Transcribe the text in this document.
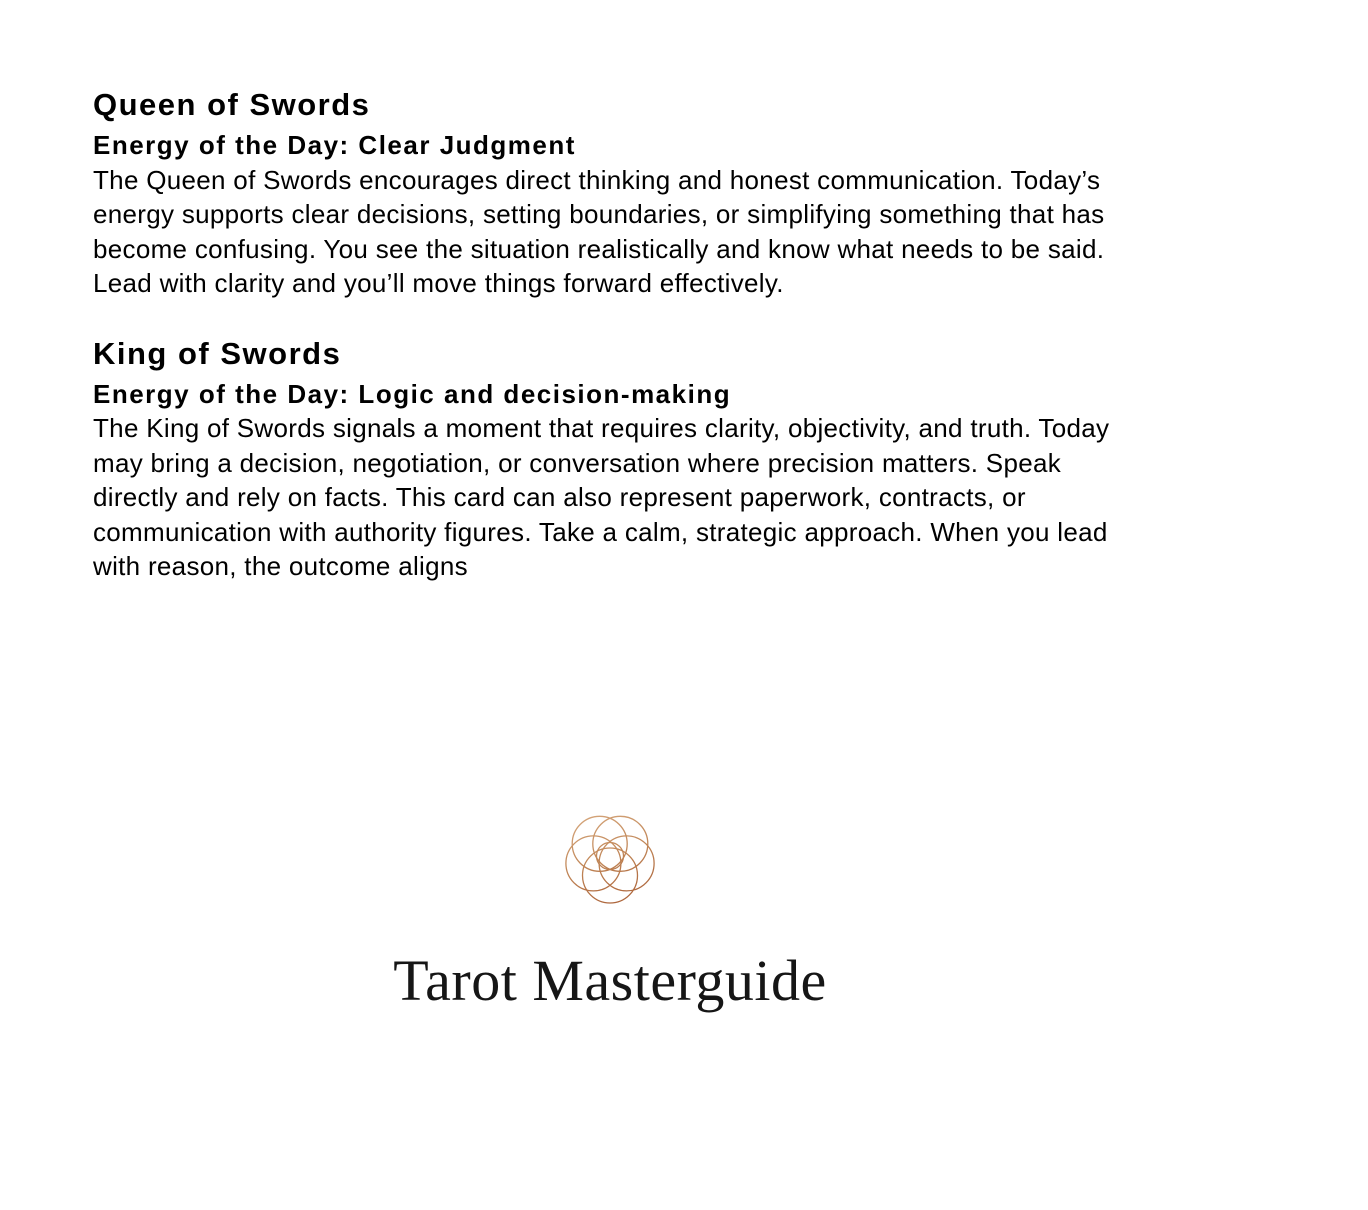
Queen of Swords
Energy of the Day: Clear Judgment

The Queen of Swords encourages direct thinking and honest communication. Today’s energy supports clear decisions, setting boundaries, or simplifying something that has become confusing. You see the situation realistically and know what needs to be said. Lead with clarity and you’ll move things forward effectively.

King of Swords
Energy of the Day: Logic and decision-making

The King of Swords signals a moment that requires clarity, objectivity, and truth. Today may bring a decision, negotiation, or conversation where precision matters. Speak directly and rely on facts. This card can also represent paperwork, contracts, or communication with authority figures. Take a calm, strategic approach. When you lead with reason, the outcome aligns

Tarot Masterguide
